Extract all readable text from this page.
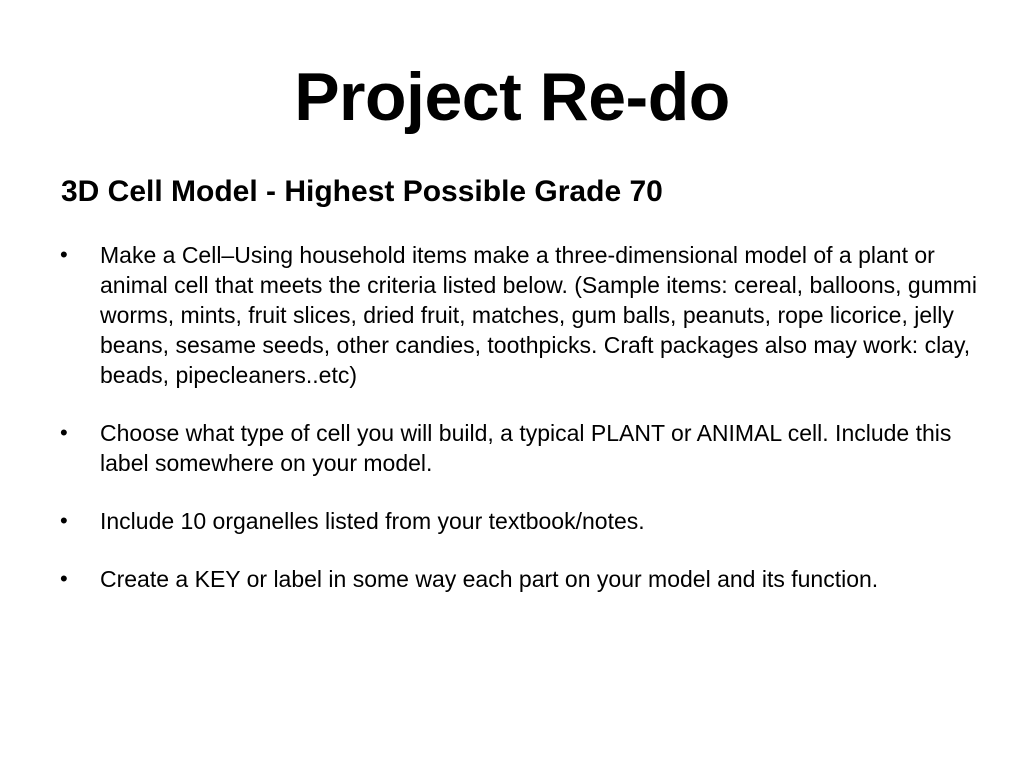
Project Re-do
3D Cell Model - Highest Possible Grade 70
•	Make a Cell–Using household items make a three-dimensional model of a plant or animal cell that meets the criteria listed below. (Sample items: cereal, balloons, gummi worms, mints, fruit slices, dried fruit, matches, gum balls, peanuts, rope licorice, jelly beans, sesame seeds, other candies, toothpicks. Craft packages also may work: clay, beads, pipecleaners..etc)
•	Choose what type of cell you will build, a typical PLANT or ANIMAL cell. Include this label somewhere on your model.
•	Include 10 organelles listed from your textbook/notes.
•	Create a KEY or label in some way each part on your model and its function.
